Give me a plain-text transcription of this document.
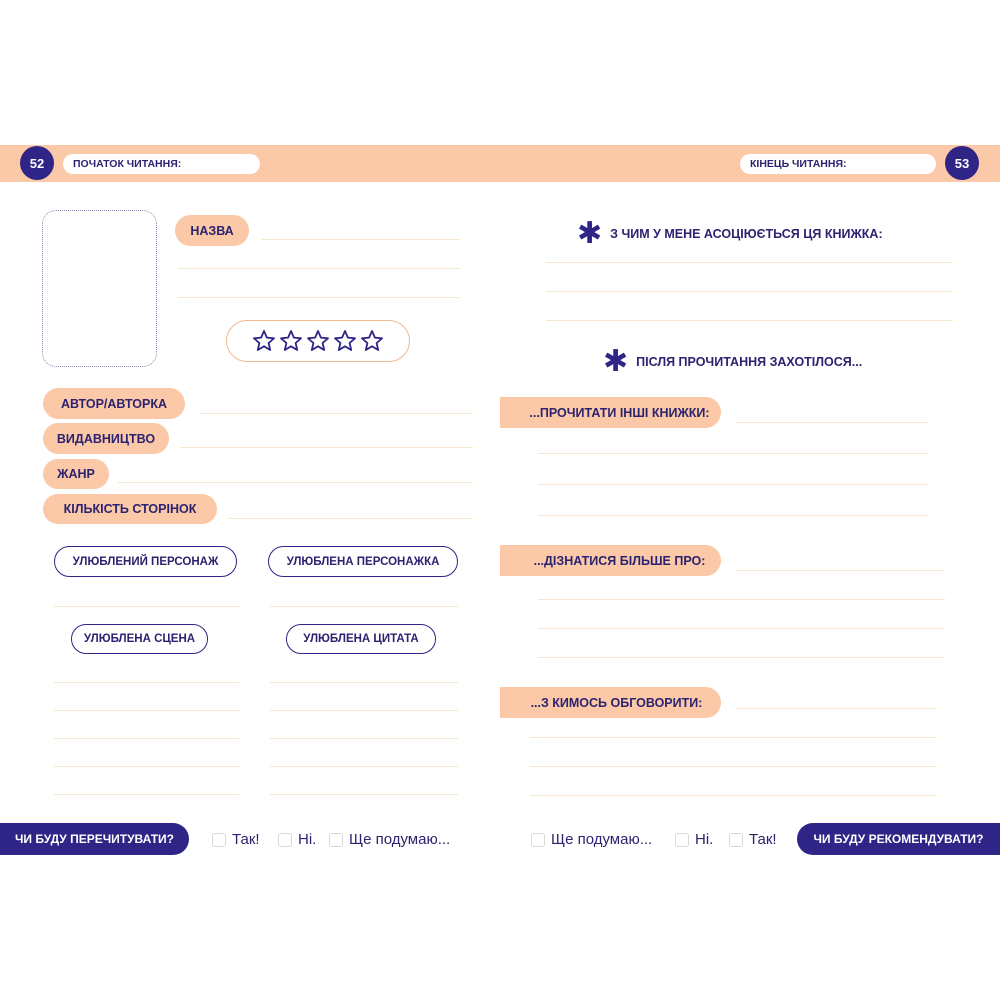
52	ПОЧАТОК ЧИТАННЯ:	КІНЕЦЬ ЧИТАННЯ:	53
НАЗВА
АВТОР/АВТОРКА
ВИДАВНИЦТВО
ЖАНР
КІЛЬКІСТЬ СТОРІНОК
УЛЮБЛЕНИЙ ПЕРСОНАЖ	УЛЮБЛЕНА ПЕРСОНАЖКА
УЛЮБЛЕНА СЦЕНА	УЛЮБЛЕНА ЦИТАТА
ЧИ БУДУ ПЕРЕЧИТУВАТИ?	Так!	Ні. Ще подумаю...
✱ З ЧИМ У МЕНЕ АСОЦІЮЄТЬСЯ ЦЯ КНИЖКА:
✱ ПІСЛЯ ПРОЧИТАННЯ ЗАХОТІЛОСЯ...
...ПРОЧИТАТИ ІНШІ КНИЖКИ:
...ДІЗНАТИСЯ БІЛЬШЕ ПРО:
...З КИМОСЬ ОБГОВОРИТИ:
Ще подумаю...	Ні. Так!	ЧИ БУДУ РЕКОМЕНДУВАТИ?
